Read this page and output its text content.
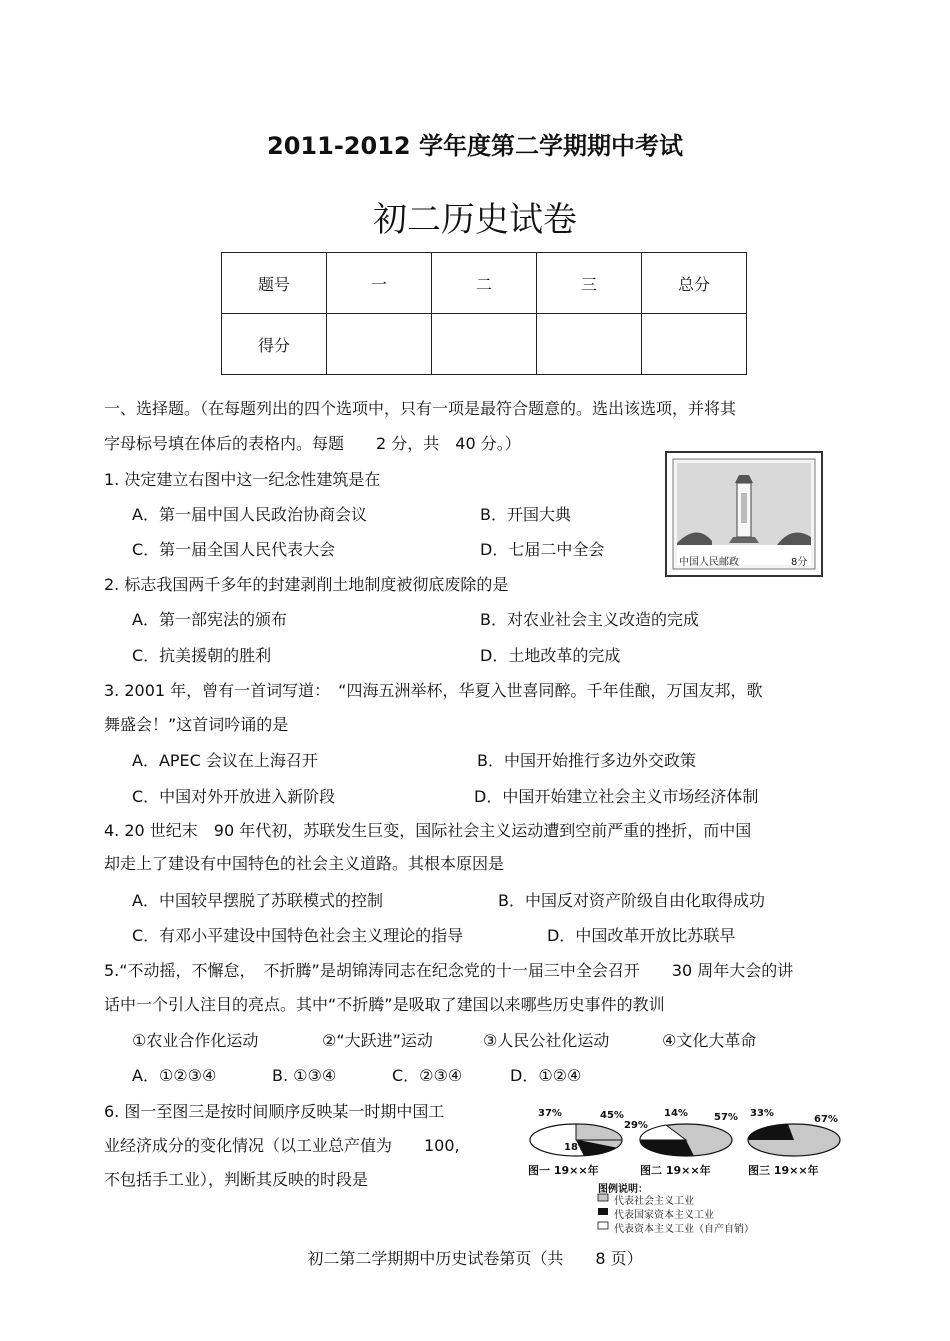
2011-2012 学年度第二学期期中考试
初二历史试卷
题号	一	二	三	总分
得分				
一、选择题。（在每题列出的四个选项中，只有一项是最符合题意的。选出该选项，并将其
字母标号填在体后的表格内。每题　　2 分，共　40 分。）
1. 决定建立右图中这一纪念性建筑是在
A．第一届中国人民政治协商会议	B．开国大典
C．第一届全国人民代表大会	D．七届二中全会
中国人民邮政	8分
2. 标志我国两千多年的封建剥削土地制度被彻底废除的是
A．第一部宪法的颁布	B．对农业社会主义改造的完成
C．抗美援朝的胜利	D．土地改革的完成
3. 2001 年，曾有一首词写道：　“四海五洲举杯，华夏入世喜同醉。千年佳酿，万国友邦，歌
舞盛会！”这首词吟诵的是
A．APEC 会议在上海召开	B．中国开始推行多边外交政策
C．中国对外开放进入新阶段	D．中国开始建立社会主义市场经济体制
4. 20 世纪末　90 年代初，苏联发生巨变，国际社会主义运动遭到空前严重的挫折，而中国
却走上了建设有中国特色的社会主义道路。其根本原因是
A．中国较早摆脱了苏联模式的控制	B．中国反对资产阶级自由化取得成功
C．有邓小平建设中国特色社会主义理论的指导	D．中国改革开放比苏联早
5.“不动摇，不懈怠，　不折腾”是胡锦涛同志在纪念党的十一届三中全会召开　　30 周年大会的讲
话中一个引人注目的亮点。其中“不折腾”是吸取了建国以来哪些历史事件的教训
①农业合作化运动	②“大跃进”运动	③人民公社化运动	④文化大革命
A．①②③④	B. ①③④	C．②③④	D．①②④
6. 图一至图三是按时间顺序反映某一时期中国工
业经济成分的变化情况（以工业总产值为　　100,
不包括手工业），判断其反映的时段是
37%	45%
18%
14%
29%
57% 33%
67%
图一 19××年	图二 19××年	图三 19××年
图例说明：
代表社会主义工业
代表国家资本主义工业
代表资本主义工业（自产自销）
初二第二学期期中历史试卷第页（共　　8 页）
